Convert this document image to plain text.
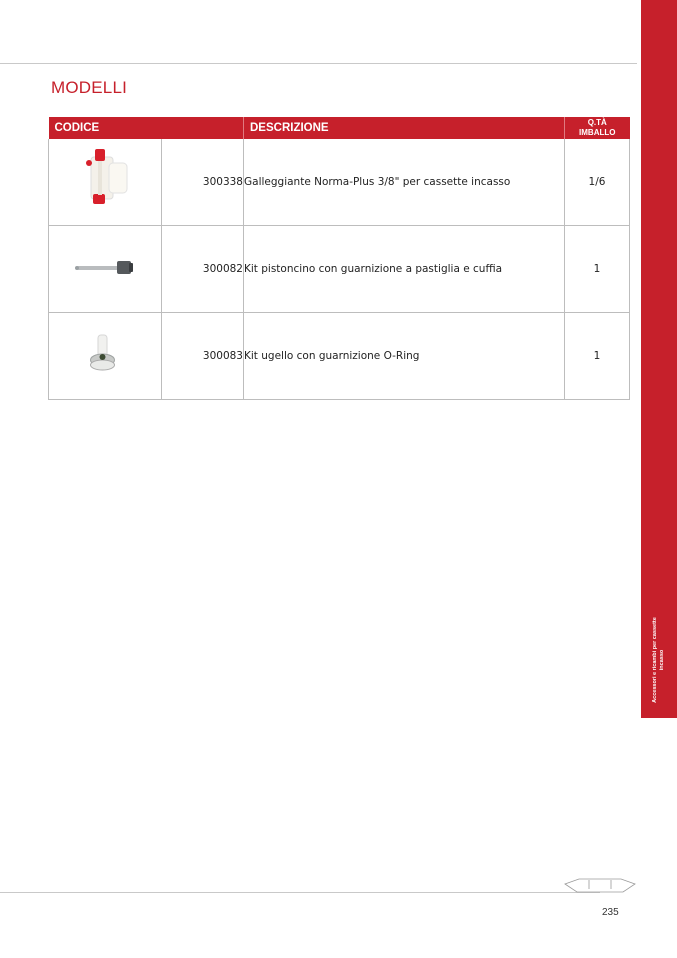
Accessori e ricambi per cassette incasso
MODELLI
CODICE		DESCRIZIONE	Q.TÀ
IMBALLO

	300338	Galleggiante Norma-Plus 3/8" per cassette incasso	1/6
	300082	Kit pistoncino con guarnizione a pastiglia e cuffia	1
	300083	Kit ugello con guarnizione O-Ring	1
235
